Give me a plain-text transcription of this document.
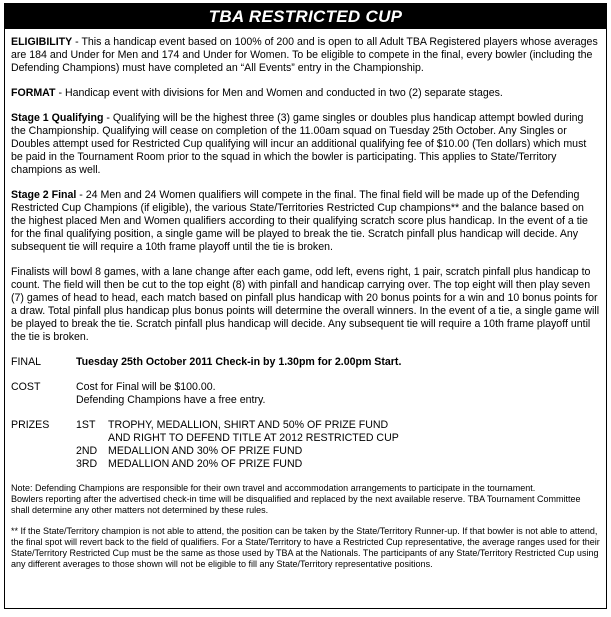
TBA RESTRICTED CUP

ELIGIBILITY - This a handicap event based on 100% of 200 and is open to all Adult TBA Registered players whose averages are 184 and Under for Men and 174 and Under for Women. To be eligible to compete in the final, every bowler (including the Defending Champions) must have completed an “All Events” entry in the Championship.

FORMAT - Handicap event with divisions for Men and Women and conducted in two (2) separate stages.

Stage 1 Qualifying - Qualifying will be the highest three (3) game singles or doubles plus handicap attempt bowled during the Championship. Qualifying will cease on completion of the 11.00am squad on Tuesday 25th October. Any Singles or Doubles attempt used for Restricted Cup qualifying will incur an additional qualifying fee of $10.00 (Ten dollars) which must be paid in the Tournament Room prior to the squad in which the bowler is participating. This applies to State/Territory champions as well.

Stage 2 Final - 24 Men and 24 Women qualifiers will compete in the final. The final field will be made up of the Defending Restricted Cup Champions (if eligible), the various State/Territories Restricted Cup champions** and the balance based on the highest placed Men and Women qualifiers according to their qualifying scratch score plus handicap. In the event of a tie for the final qualifying position, a single game will be played to break the tie. Scratch pinfall plus handicap will decide. Any subsequent tie will require a 10th frame playoff until the tie is broken.

Finalists will bowl 8 games, with a lane change after each game, odd left, evens right, 1 pair, scratch pinfall plus handicap to count. The field will then be cut to the top eight (8) with pinfall and handicap carrying over. The top eight will then play seven (7) games of head to head, each match based on pinfall plus handicap with 20 bonus points for a win and 10 bonus points for a draw. Total pinfall plus handicap plus bonus points will determine the overall winners. In the event of a tie, a single game will be played to break the tie. Scratch pinfall plus handicap will decide. Any subsequent tie will require a 10th frame playoff until the tie is broken.

FINAL	Tuesday 25th October 2011 Check-in by 1.30pm for 2.00pm Start.
COST	Cost for Final will be $100.00.
Defending Champions have a free entry.
PRIZES	1ST	TROPHY, MEDALLION, SHIRT AND 50% OF PRIZE FUND
AND RIGHT TO DEFEND TITLE AT 2012 RESTRICTED CUP
2ND	MEDALLION AND 30% OF PRIZE FUND
3RD	MEDALLION AND 20% OF PRIZE FUND

Note: Defending Champions are responsible for their own travel and accommodation arrangements to participate in the tournament.

Bowlers reporting after the advertised check-in time will be disqualified and replaced by the next available reserve. TBA Tournament Committee shall determine any other matters not determined by these rules.

** If the State/Territory champion is not able to attend, the position can be taken by the State/Territory Runner-up. If that bowler is not able to attend, the final spot will revert back to the field of qualifiers. For a State/Territory to have a Restricted Cup representative, the average ranges used for their State/Territory Restricted Cup must be the same as those used by TBA at the Nationals. The participants of any State/Territory Restricted Cup using any different averages to those shown will not be eligible to fill any State/Territory representative positions.
